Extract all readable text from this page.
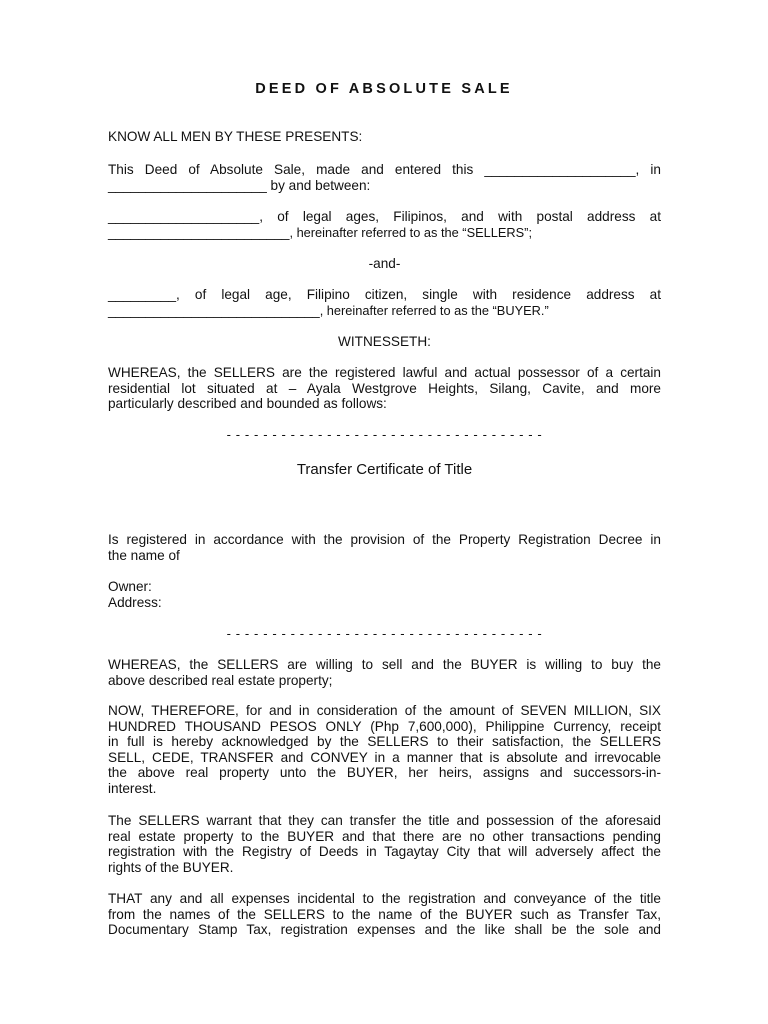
DEED OF ABSOLUTE SALE

KNOW ALL MEN BY THESE PRESENTS:

This Deed of Absolute Sale, made and entered this ____________________, in
_____________________ by and between:

____________________, of legal ages, Filipinos, and with postal address at
________________________, hereinafter referred to as the “SELLERS”;

-and-

_________, of legal age, Filipino citizen, single with residence address at
____________________________, hereinafter referred to as the “BUYER.”

WITNESSETH:

WHEREAS, the SELLERS are the registered lawful and actual possessor of a certain
residential lot situated at – Ayala Westgrove Heights, Silang, Cavite, and more
particularly described and bounded as follows:

- - - - - - - - - - - - - - - - - - - - - - - - - - - - - - - - - - -

Transfer Certificate of Title

Is registered in accordance with the provision of the Property Registration Decree in
the name of

Owner:
Address:

- - - - - - - - - - - - - - - - - - - - - - - - - - - - - - - - - - -

WHEREAS, the SELLERS are willing to sell and the BUYER is willing to buy the
above described real estate property;

NOW, THEREFORE, for and in consideration of the amount of SEVEN MILLION, SIX
HUNDRED THOUSAND PESOS ONLY (Php 7,600,000), Philippine Currency, receipt
in full is hereby acknowledged by the SELLERS to their satisfaction, the SELLERS
SELL, CEDE, TRANSFER and CONVEY in a manner that is absolute and irrevocable
the above real property unto the BUYER, her heirs, assigns and successors-in-
interest.

The SELLERS warrant that they can transfer the title and possession of the aforesaid
real estate property to the BUYER and that there are no other transactions pending
registration with the Registry of Deeds in Tagaytay City that will adversely affect the
rights of the BUYER.

THAT any and all expenses incidental to the registration and conveyance of the title
from the names of the SELLERS to the name of the BUYER such as Transfer Tax,
Documentary Stamp Tax, registration expenses and the like shall be the sole and
